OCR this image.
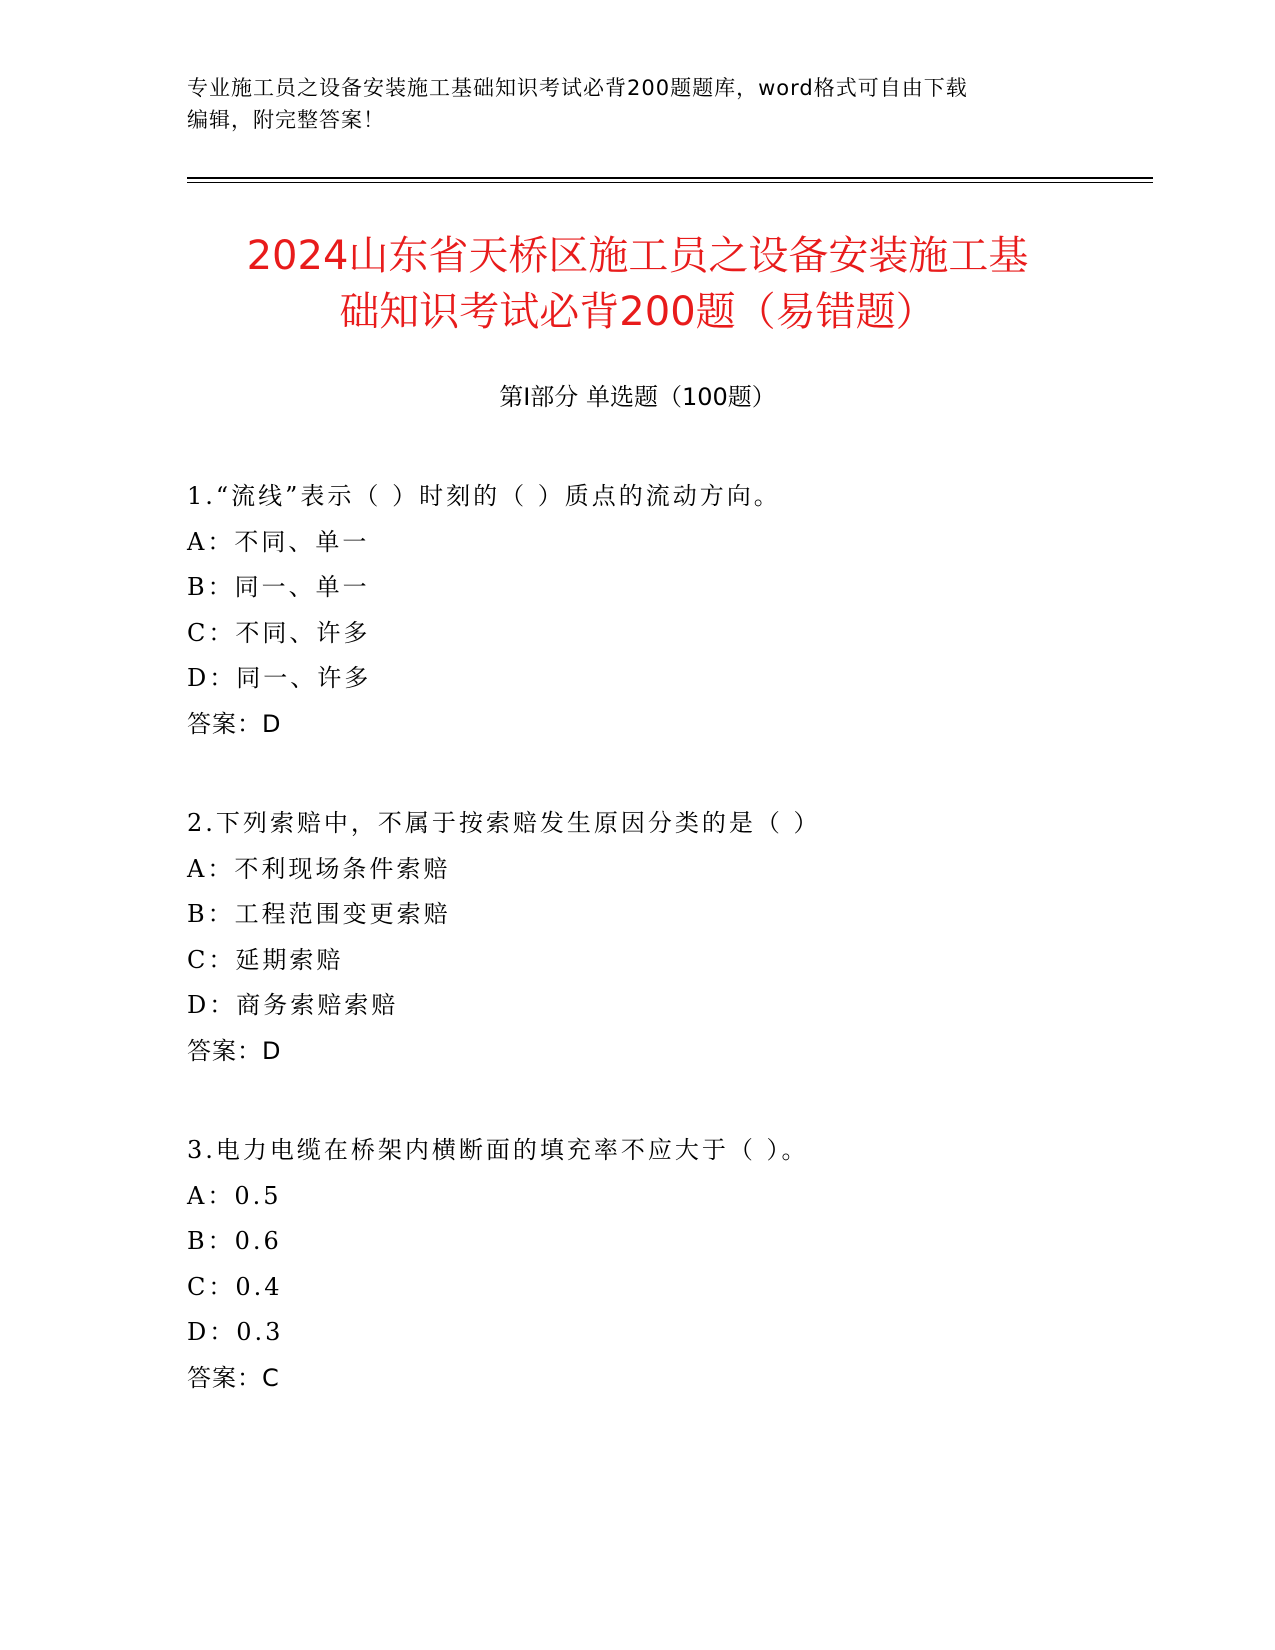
专业施工员之设备安装施工基础知识考试必背200题题库，word格式可自由下载
编辑，附完整答案！
2024山东省天桥区施工员之设备安装施工基
础知识考试必背200题（易错题）
第Ⅰ部分 单选题（100题）
1.“流线”表示（ ）时刻的（ ）质点的流动方向。
A：不同、单一
B：同一、单一
C：不同、许多
D：同一、许多
答案：D
2.下列索赔中，不属于按索赔发生原因分类的是（ ）
A：不利现场条件索赔
B：工程范围变更索赔
C：延期索赔
D：商务索赔索赔
答案：D
3.电力电缆在桥架内横断面的填充率不应大于（ ）。
A：0.5
B：0.6
C：0.4
D：0.3
答案：C
